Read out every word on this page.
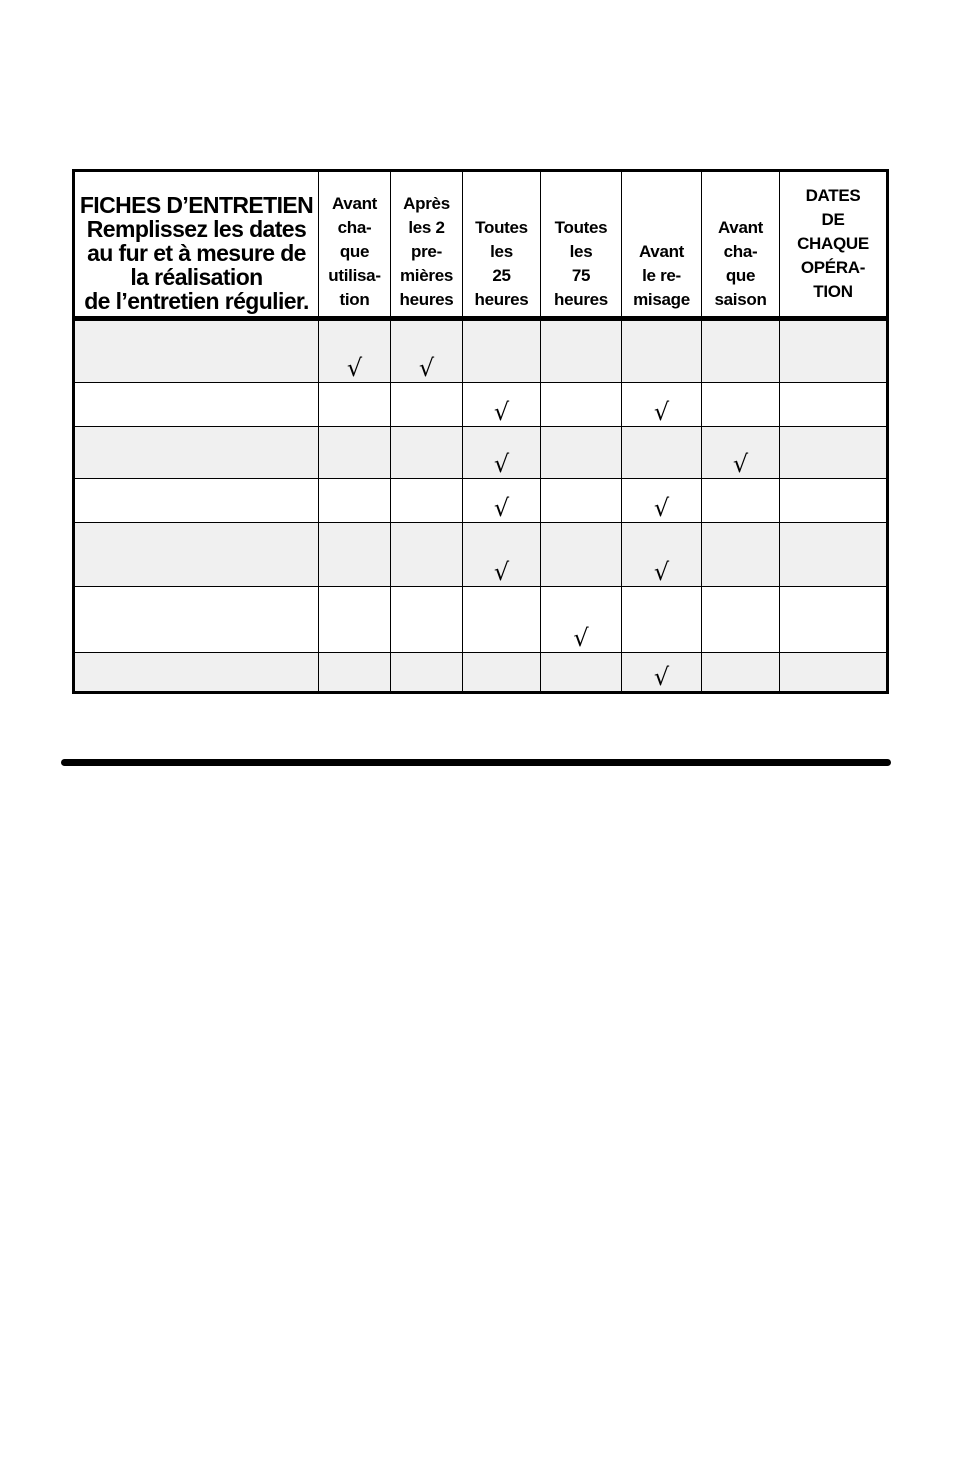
FICHES D’ENTRETIEN
Remplissez les dates
au fur et à mesure de
la réalisation
de l’entretien régulier.	Avant
cha-
que
utilisa-
tion	Après
les 2
pre-
mières
heures	Toutes
les
25
heures	Toutes
les
75
heures	Avant
le re-
misage	Avant
cha-
que
saison	DATES
DE
CHAQUE
OPÉRA-
TION
	√	√					
			√		√		
			√			√	
			√		√		
			√		√		
				√			
					√		
